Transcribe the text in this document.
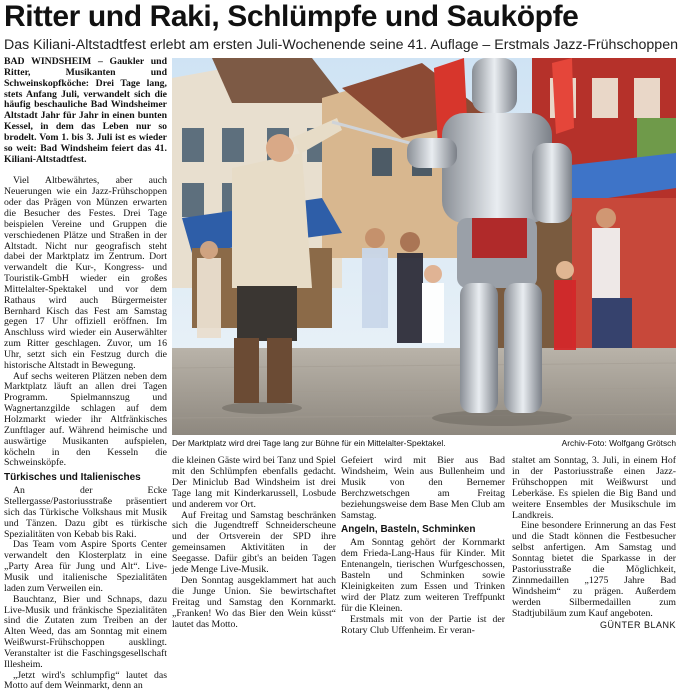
Ritter und Raki, Schlümpfe und Sauköpfe
Das Kiliani-Altstadtfest erlebt am ersten Juli-Wochenende seine 41. Auflage – Erstmals Jazz-Frühschoppen

BAD WINDSHEIM – Gaukler und Ritter, Musikanten und Schweinskopfköche: Drei Tage lang, stets Anfang Juli, verwandelt sich die häufig beschauliche Bad Windsheimer Altstadt Jahr für Jahr in einen bunten Kessel, in dem das Leben nur so brodelt. Vom 1. bis 3. Juli ist es wieder so weit: Bad Windsheim feiert das 41. Kiliani-Altstadtfest.

Viel Altbewährtes, aber auch Neuerungen wie ein Jazz-Frühschoppen oder das Prägen von Münzen erwarten die Besucher des Festes. Drei Tage beispielen Vereine und Gruppen die verschiedenen Plätze und Straßen in der Altstadt. Nicht nur geografisch steht dabei der Marktplatz im Zentrum. Dort verwandelt die Kur-, Kongress- und Touristik-GmbH wieder ein großes Mittelalter-Spektakel und vor dem Rathaus wird auch Bürgermeister Bernhard Kisch das Fest am Samstag gegen 17 Uhr offiziell eröffnen. Im Anschluss wird wieder ein Auserwählter zum Ritter geschlagen. Zuvor, um 16 Uhr, setzt sich ein Festzug durch die historische Altstadt in Bewegung.

Auf sechs weiteren Plätzen neben dem Marktplatz läuft an allen drei Tagen Programm. Spielmannszug und Wagnertanzgilde schlagen auf dem Holzmarkt wieder ihr Altfränkisches Zunftlager auf. Während heimische und auswärtige Musikanten aufspielen, köcheln in den Kesseln die Schweinsköpfe.

Türkisches und Italienisches

An der Ecke Stellergasse/Pastoriusstraße präsentiert sich das Türkische Volkshaus mit Musik und Tänzen. Dazu gibt es türkische Spezialitäten von Kebab bis Raki.

Das Team vom Aspire Sports Center verwandelt den Klosterplatz in eine „Party Area für Jung und Alt“. Live-Musik und italienische Spezialitäten laden zum Verweilen ein.

Bauchtanz, Bier und Schnaps, dazu Live-Musik und fränkische Spezialitäten sind die Zutaten zum Treiben an der Alten Weed, das am Sonntag mit einem Weißwurst-Frühschoppen ausklingt. Veranstalter ist die Faschingsgesellschaft Illesheim.

„Jetzt wird's schlumpfig“ lautet das Motto auf dem Weinmarkt, denn an

Der Marktplatz wird drei Tage lang zur Bühne für ein Mittelalter-Spektakel.	Archiv-Foto: Wolfgang Grötsch

die kleinen Gäste wird bei Tanz und Spiel mit den Schlümpfen ebenfalls gedacht. Der Miniclub Bad Windsheim ist drei Tage lang mit Kinderkarussell, Losbude und anderem vor Ort.

Auf Freitag und Samstag beschränken sich die Jugendtreff Schneiderscheune und der Ortsverein der SPD ihre gemeinsamen Aktivitäten in der Seegasse. Dafür gibt's an beiden Tagen jede Menge Live-Musik.

Den Sonntag ausgeklammert hat auch die Junge Union. Sie bewirtschaftet Freitag und Samstag den Kornmarkt. „Franken! Wo das Bier den Wein küsst“ lautet das Motto.

Gefeiert wird mit Bier aus Bad Windsheim, Wein aus Bullenheim und Musik von den Bernemer Berchzwetschgen am Freitag beziehungsweise dem Base Men Club am Samstag.

Angeln, Basteln, Schminken

Am Sonntag gehört der Kornmarkt dem Frieda-Lang-Haus für Kinder. Mit Entenangeln, tierischen Wurfgeschossen, Basteln und Schminken sowie Kleinigkeiten zum Essen und Trinken wird der Platz zum weiteren Treffpunkt für die Kleinen.

Erstmals mit von der Partie ist der Rotary Club Uffenheim. Er veran-

staltet am Sonntag, 3. Juli, in einem Hof in der Pastoriusstraße einen Jazz-Frühschoppen mit Weißwurst und Leberkäse. Es spielen die Big Band und weitere Ensembles der Musikschule im Landkreis.

Eine besondere Erinnerung an das Fest und die Stadt können die Festbesucher selbst anfertigen. Am Samstag und Sonntag bietet die Sparkasse in der Pastoriusstraße die Möglichkeit, Zinnmedaillen „1275 Jahre Bad Windsheim“ zu prägen. Außerdem werden Silbermedaillen zum Stadtjubiläum zum Kauf angeboten.

GÜNTER BLANK
